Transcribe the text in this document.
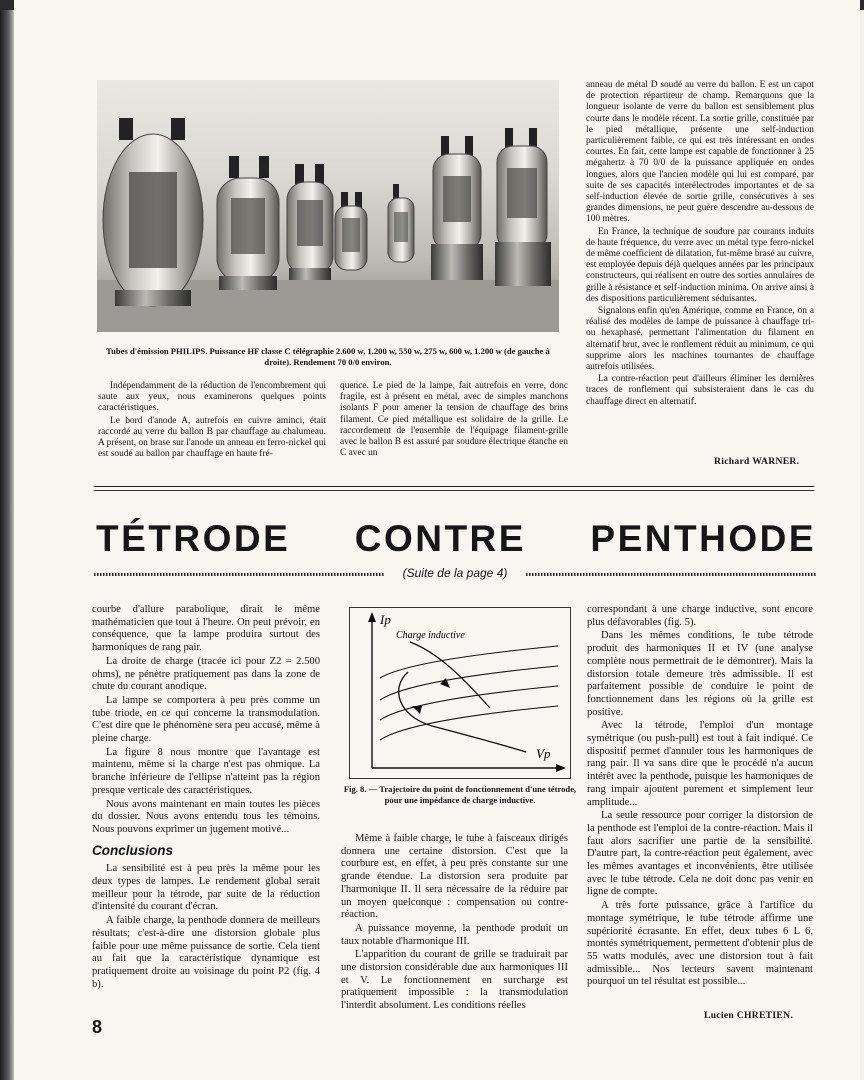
Tubes d'émission PHILIPS. Puissance HF classe C télégraphie 2.600 w, 1.200 w, 550 w, 275 w, 600 w, 1.200 w (de gauche à droite). Rendement 70 0/0 environ.

Indépendamment de la réduction de l'encombrement qui saute aux yeux, nous examinerons quelques points caractéristiques.

Le bord d'anode A, autrefois en cuivre aminci, était raccordé au verre du ballon B par chauffage au chalumeau. A présent, on brase sur l'anode un anneau en ferro-nickel qui est soudé au ballon par chauffage en haute fré-

quence. Le pied de la lampe, fait autrefois en verre, donc fragile, est à présent en métal, avec de simples manchons isolants F pour amener la tension de chauffage des brins filament. Ce pied métallique est solidaire de la grille. Le raccordement de l'ensemble de l'équipage filament-grille avec le ballon B est assuré par soudure électrique étanche en C avec un

anneau de métal D soudé au verre du ballon. E est un capot de protection répartiteur de champ. Remarquons que la longueur isolante de verre du ballon est sensiblement plus courte dans le modèle récent. La sortie grille, constituée par le pied métallique, présente une self-induction particulièrement faible, ce qui est très intéressant en ondes courtes. En fait, cette lampe est capable de fonctionner à 25 mégahertz à 70 0/0 de la puissance appliquée en ondes longues, alors que l'ancien modèle qui lui est comparé, par suite de ses capacités interélectrodes importantes et de sa self-induction élevée de sortie grille, consécutives à ses grandes dimensions, ne peut guère descendre au-dessous de 100 mètres.

En France, la technique de soudure par courants induits de haute fréquence, du verre avec un métal type ferro-nickel de même coefficient de dilatation, fut-même brasé au cuivre, est employée depuis déjà quelques années par les principaux constructeurs, qui réalisent en outre des sorties annulaires de grille à résistance et self-induction minima. On arrive ainsi à des dispositions particulièrement séduisantes.

Signalons enfin qu'en Amérique, comme en France, on a réalisé des modèles de lampe de puissance à chauffage tri- ou hexaphasé, permettant l'alimentation du filament en alternatif brut, avec le ronflement réduit au minimum, ce qui supprime alors les machines tournantes de chauffage autrefois utilisées.

La contre-réaction peut d'ailleurs éliminer les dernières traces de ronflement qui subsisteraient dans le cas du chauffage direct en alternatif.

Richard WARNER.
TÉTRODE CONTRE PENTHODE
(Suite de la page 4)

courbe d'allure parabolique, dirait le même mathématicien que tout à l'heure. On peut prévoir, en conséquence, que la lampe produira surtout des harmoniques de rang pair.

La droite de charge (tracée ici pour Z2 = 2.500 ohms), ne pénètre pratiquement pas dans la zone de chute du courant anodique.

La lampe se comportera à peu près comme un tube triode, en ce qui concerne la transmodulation. C'est dire que le phénomène sera peu accusé, même à pleine charge.

La figure 8 nous montre que l'avantage est maintenu, même si la charge n'est pas ohmique. La branche inférieure de l'ellipse n'atteint pas la région presque verticale des caractéristiques.

Nous avons maintenant en main toutes les pièces du dossier. Nous avons entendu tous les témoins. Nous pouvons exprimer un jugement motivé...

Conclusions

La sensibilité est à peu près la même pour les deux types de lampes. Le rendement global serait meilleur pour la tétrode, par suite de la réduction d'intensité du courant d'écran.

A faible charge, la penthode donnera de meilleurs résultats; c'est-à-dire une distorsion globale plus faible pour une même puissance de sortie. Cela tient au fait que la caractéristique dynamique est pratiquement droite au voisinage du point P2 (fig. 4 b).

Ip
Vp
Charge inductive
Fig. 8. — Trajectoire du point de fonctionnement d'une tétrode, pour une impédance de charge inductive.

Même à faible charge, le tube à faisceaux dirigés donnera une certaine distorsion. C'est que la courbure est, en effet, à peu près constante sur une grande étendue. La distorsion sera produite par l'harmonique II. Il sera nécessaire de la réduire par un moyen quelconque : compensation ou contre-réaction.

A puissance moyenne, la penthode produit un taux notable d'harmonique III.

L'apparition du courant de grille se traduirait par une distorsion considérable due aux harmoniques III et V. Le fonctionnement en surcharge est pratiquement impossible : la transmodulation l'interdit absolument. Les conditions réelles

correspondant à une charge inductive, sont encore plus défavorables (fig. 5).

Dans les mêmes conditions, le tube tétrode produit des harmoniques II et IV (une analyse complète nous permettrait de le démontrer). Mais la distorsion totale demeure très admissible. Il est parfaitement possible de conduire le point de fonctionnement dans les régions où la grille est positive.

Avec la tétrode, l'emploi d'un montage symétrique (ou push-pull) est tout à fait indiqué. Ce dispositif permet d'annuler tous les harmoniques de rang pair. Il va sans dire que le procédé n'a aucun intérêt avec la penthode, puisque les harmoniques de rang impair ajoutent purement et simplement leur amplitude...

La seule ressource pour corriger la distorsion de la penthode est l'emploi de la contre-réaction. Mais il faut alors sacrifier une partie de la sensibilité. D'autre part, la contre-réaction peut également, avec les mêmes avantages et inconvénients, être utilisée avec le tube tétrode. Cela ne doit donc pas venir en ligne de compte.

A très forte puissance, grâce à l'artifice du montage symétrique, le tube tétrode affirme une supériorité écrasante. En effet, deux tubes 6 L 6, montés symétriquement, permettent d'obtenir plus de 55 watts modulés, avec une distorsion tout à fait admissible... Nos lecteurs savent maintenant pourquoi un tel résultat est possible...

Lucien CHRETIEN.
8
